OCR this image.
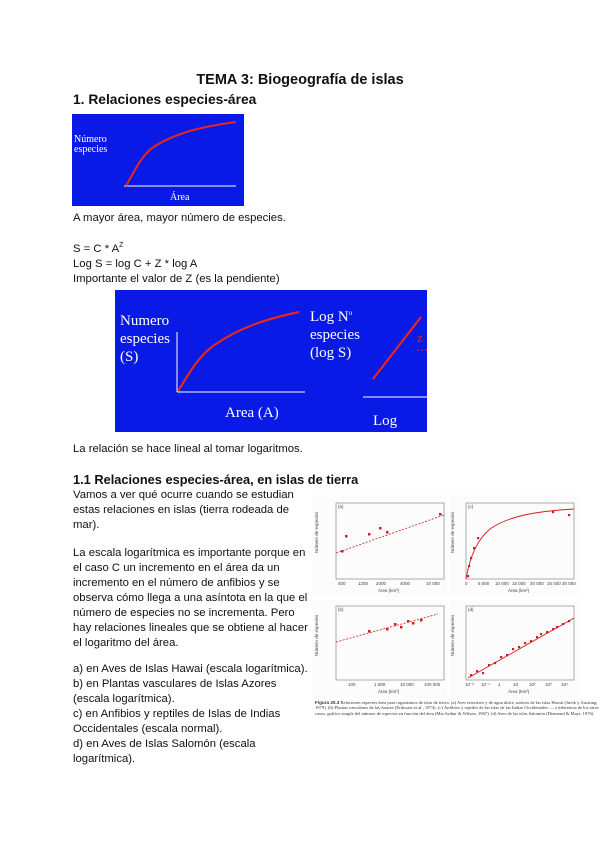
TEMA 3: Biogeografía de islas
1. Relaciones especies-área
Número
especies
Área
A mayor área, mayor número de especies.
$S = C * A^Z$
Log S = log C + Z * log A
Importante el valor de Z (es la pendiente)
Numero
especies
(S)
Area (A)
Log $N^o$
especies
(log S)
Log Area
z
La relación se hace lineal al tomar logaritmos.
1.1 Relaciones especies-área, en islas de tierra
Vamos a ver qué ocurre cuando se estudian
estas relaciones en islas (tierra rodeada de
mar).
La escala logarítmica es importante porque en
el caso C un incremento en el área da un
incremento en el número de anfibios y se
observa cómo llega a una asíntota en la que el
número de especies no se incrementa. Pero
hay relaciones lineales que se obtiene al hacer
el logaritmo del área.
a) en Aves de Islas Hawai (escala logarítmica).
b) en Plantas vasculares de Islas Azores
(escala logarítmica).
c) en Anfibios y reptiles de Islas de Indias
Occidentales (escala normal).
d) en Aves de Islas Salomón (escala
logarítmica).
(a)
Número de especies
400	1200 2000	4000	10 000
Área (km²)
(c)
Número de especies
0 5 000 10 000 15 000 20 000 25 000 30 000
Área (km²)
(b)
Número de especies
100	1 000	10 000 100 000
Área (km²)
(d)
Número de especies
10⁻² 10⁻¹ 1	10 10² 10³ 10⁴
Área (km²)
Figura 20.3 Relaciones especies-área para organismos de islas de tierra. (a) Aves terrestres y de agua dulce, nativas de las islas Hawai (Juvik y Austring, 1979). (b) Plantas vasculares de las Azores (Eriksson et al., 1974). (c) Anfibios y reptiles de las islas de las Indias Occidentales — a diferencia de los otros casos, gráfico simple del número de especies en función del área (MacArthur & Wilson, 1967). (d) Aves de las islas Salomón (Diamond & Mayr, 1976).
